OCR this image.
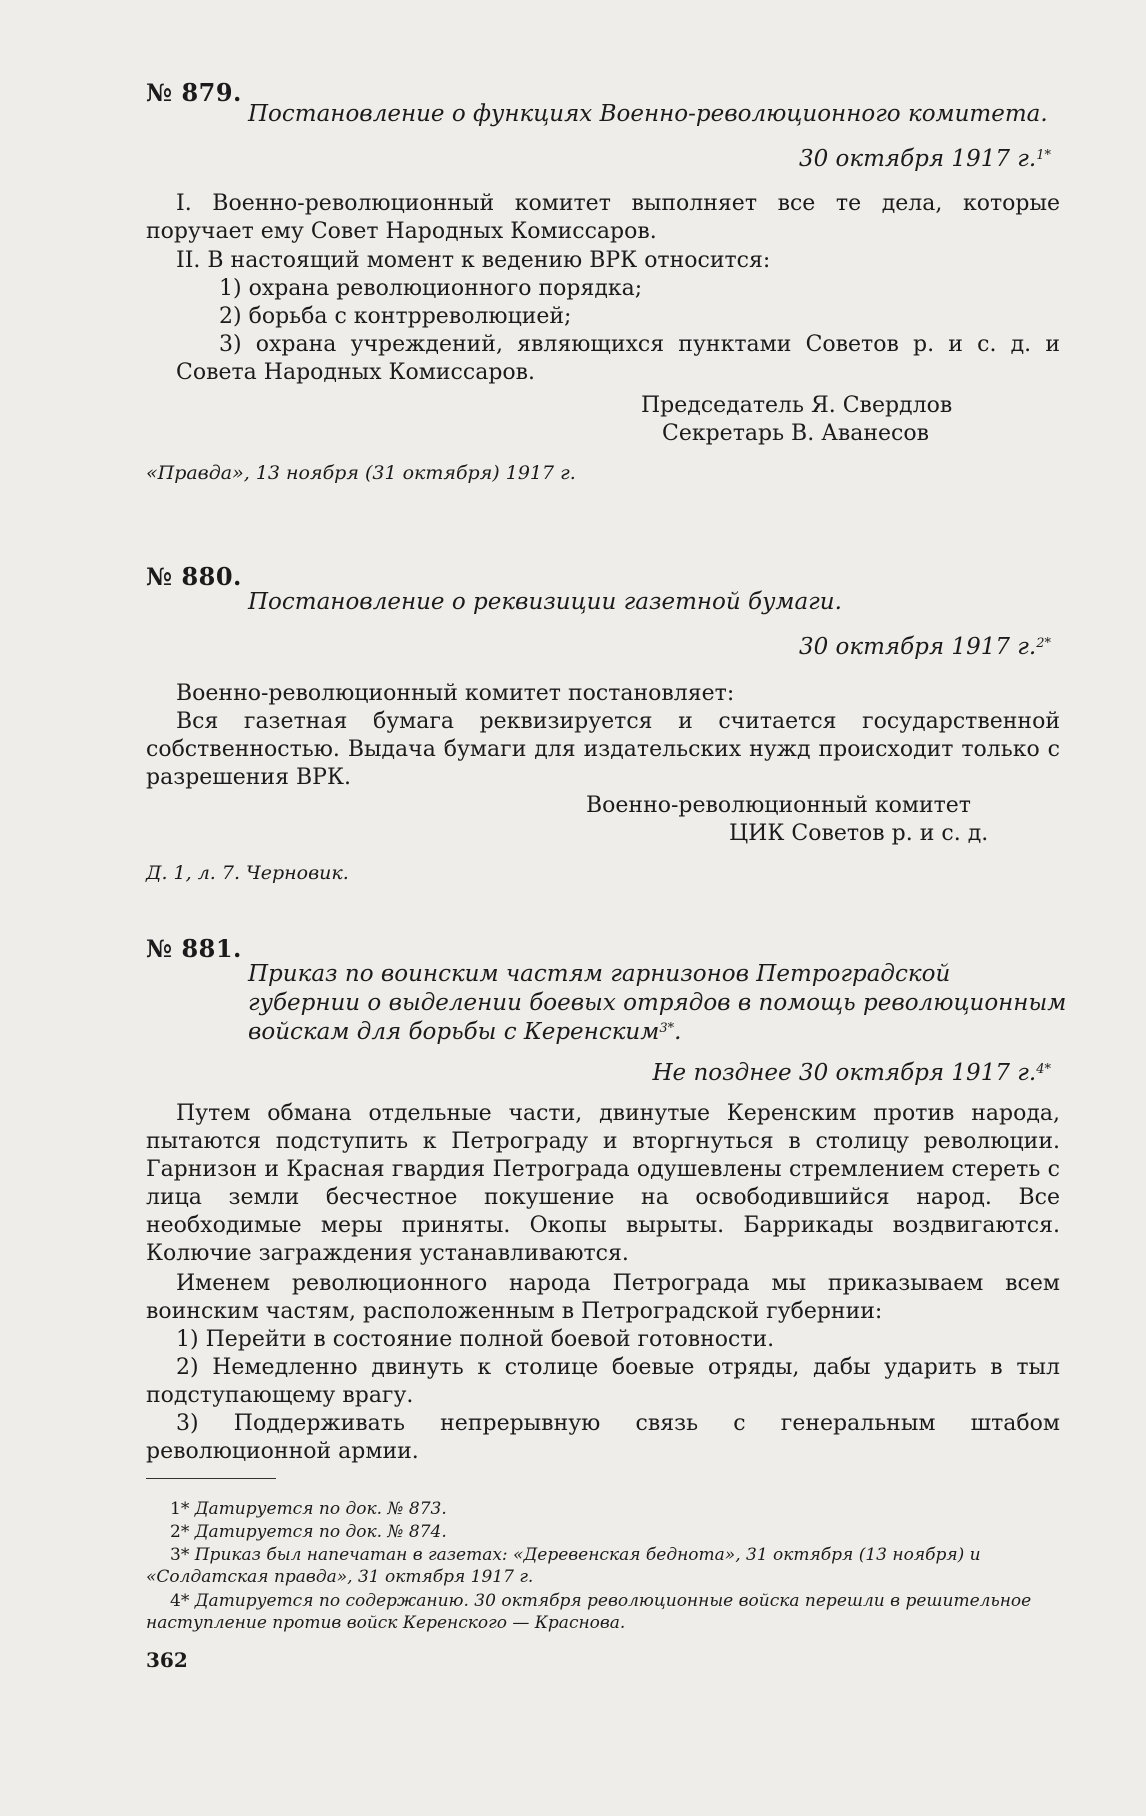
№ 879.
Постановление о функциях Военно-революционного комитета.
30 октября 1917 г.$^{1*}$
I. Военно-революционный комитет выполняет все те дела, которые поручает ему Совет Народных Комиссаров.
II. В настоящий момент к ведению ВРК относится:
1) охрана революционного порядка;
2) борьба с контрреволюцией;
3) охрана учреждений, являющихся пунктами Советов р. и с. д. и Совета Народных Комиссаров.
Председатель Я. Свердлов
Секретарь В. Аванесов
«Правда», 13 ноября (31 октября) 1917 г.
№ 880.
Постановление о реквизиции газетной бумаги.
30 октября 1917 г.$^{2*}$
Военно-революционный комитет постановляет:
Вся газетная бумага реквизируется и считается государственной собственностью. Выдача бумаги для издательских нужд происходит только с разрешения ВРК.
Военно-революционный комитет
ЦИК Советов р. и с. д.
Д. 1, л. 7. Черновик.
№ 881.
Приказ по воинским частям гарнизонов Петроградской губернии о выделении боевых отрядов в помощь революционным войскам для борьбы с Керенским$^{3*}$.
Не позднее 30 октября 1917 г.$^{4*}$
Путем обмана отдельные части, двинутые Керенским против народа, пытаются подступить к Петрограду и вторгнуться в столицу революции. Гарнизон и Красная гвардия Петрограда одушевлены стремлением стереть с лица земли бесчестное покушение на освободившийся народ. Все необходимые меры приняты. Окопы вырыты. Баррикады воздвигаются. Колючие заграждения устанавливаются.
Именем революционного народа Петрограда мы приказываем всем воинским частям, расположенным в Петроградской губернии:
1) Перейти в состояние полной боевой готовности.
2) Немедленно двинуть к столице боевые отряды, дабы ударить в тыл подступающему врагу.
3) Поддерживать непрерывную связь с генеральным штабом революционной армии.
1* Датируется по док. № 873.
2* Датируется по док. № 874.
3* Приказ был напечатан в газетах: «Деревенская беднота», 31 октября (13 ноября) и «Солдатская правда», 31 октября 1917 г.
4* Датируется по содержанию. 30 октября революционные войска перешли в решительное наступление против войск Керенского — Краснова.
362
